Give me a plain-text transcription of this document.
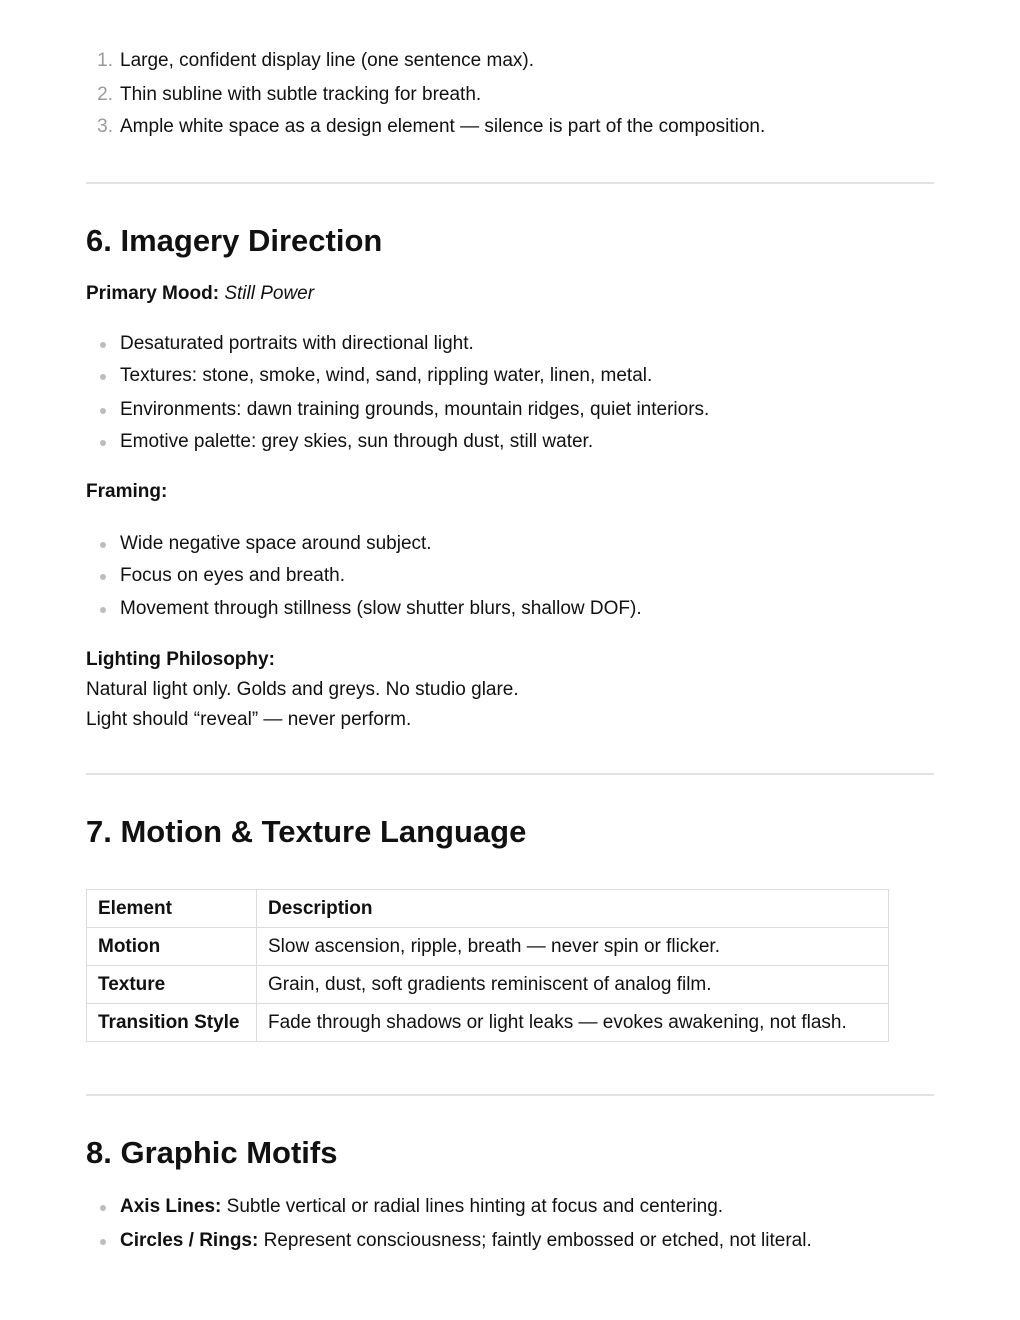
1. Large, confident display line (one sentence max).
2. Thin subline with subtle tracking for breath.
3. Ample white space as a design element — silence is part of the composition.
6. Imagery Direction
Primary Mood: Still Power
Desaturated portraits with directional light.
Textures: stone, smoke, wind, sand, rippling water, linen, metal.
Environments: dawn training grounds, mountain ridges, quiet interiors.
Emotive palette: grey skies, sun through dust, still water.
Framing:
Wide negative space around subject.
Focus on eyes and breath.
Movement through stillness (slow shutter blurs, shallow DOF).
Lighting Philosophy:
Natural light only. Golds and greys. No studio glare.
Light should “reveal” — never perform.
7. Motion & Texture Language
Element	Description
Motion	Slow ascension, ripple, breath — never spin or flicker.
Texture	Grain, dust, soft gradients reminiscent of analog film.
Transition Style	Fade through shadows or light leaks — evokes awakening, not flash.
8. Graphic Motifs
Axis Lines: Subtle vertical or radial lines hinting at focus and centering.
Circles / Rings: Represent consciousness; faintly embossed or etched, not literal.
